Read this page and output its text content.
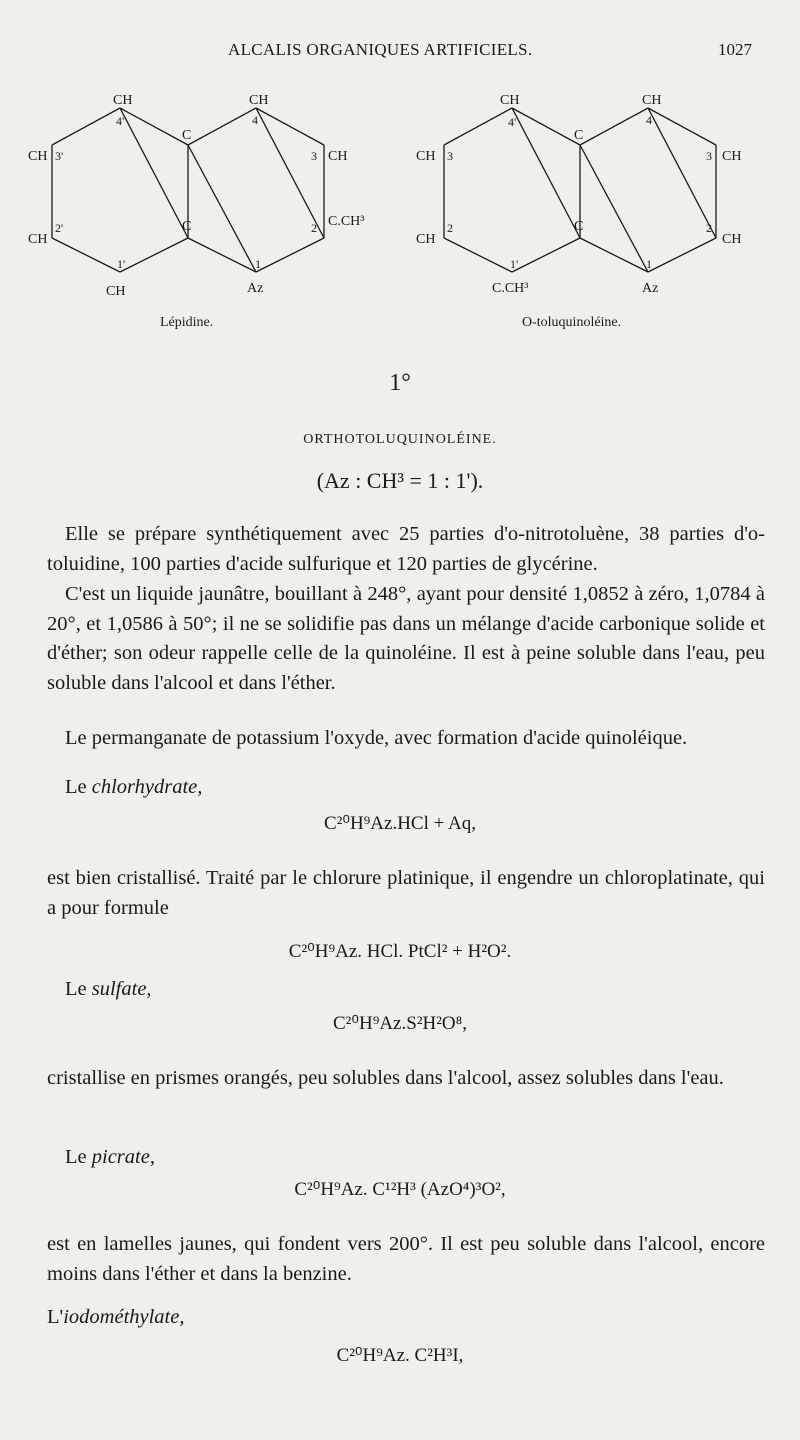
ALCALIS ORGANIQUES ARTIFICIELS.	1027
CH	CH
C
C
CH
CH
CH
C.CH³
CH	Az
4'
3'
2'
1'
4
3
2
1
Lépidine.
CH	CH
C
C
CH
CH
CH
CH
C.CH³	Az
4'
3
2
1'
4
3
2
1
O-toluquinoléine.
1°
ORTHOTOLUQUINOLÉINE.
(Az : CH³ = 1 : 1').

Elle se prépare synthétiquement avec 25 parties d'o-nitrotoluène, 38 parties d'o-toluidine, 100 parties d'acide sulfurique et 120 parties de glycérine.

C'est un liquide jaunâtre, bouillant à 248°, ayant pour densité 1,0852 à zéro, 1,0784 à 20°, et 1,0586 à 50°; il ne se solidifie pas dans un mélange d'acide carbonique solide et d'éther; son odeur rappelle celle de la quinoléine. Il est à peine soluble dans l'eau, peu soluble dans l'alcool et dans l'éther.

Le permanganate de potassium l'oxyde, avec formation d'acide quinoléique.

Le chlorhydrate,
C²⁰H⁹Az.HCl + Aq,

est bien cristallisé. Traité par le chlorure platinique, il engendre un chloroplatinate, qui a pour formule

C²⁰H⁹Az. HCl. PtCl² + H²O².
Le sulfate,
C²⁰H⁹Az.S²H²O⁸,

cristallise en prismes orangés, peu solubles dans l'alcool, assez solubles dans l'eau.

Le picrate,
C²⁰H⁹Az. C¹²H³ (AzO⁴)³O²,

est en lamelles jaunes, qui fondent vers 200°. Il est peu soluble dans l'alcool, encore moins dans l'éther et dans la benzine.

L'iodométhylate,
C²⁰H⁹Az. C²H³I,
